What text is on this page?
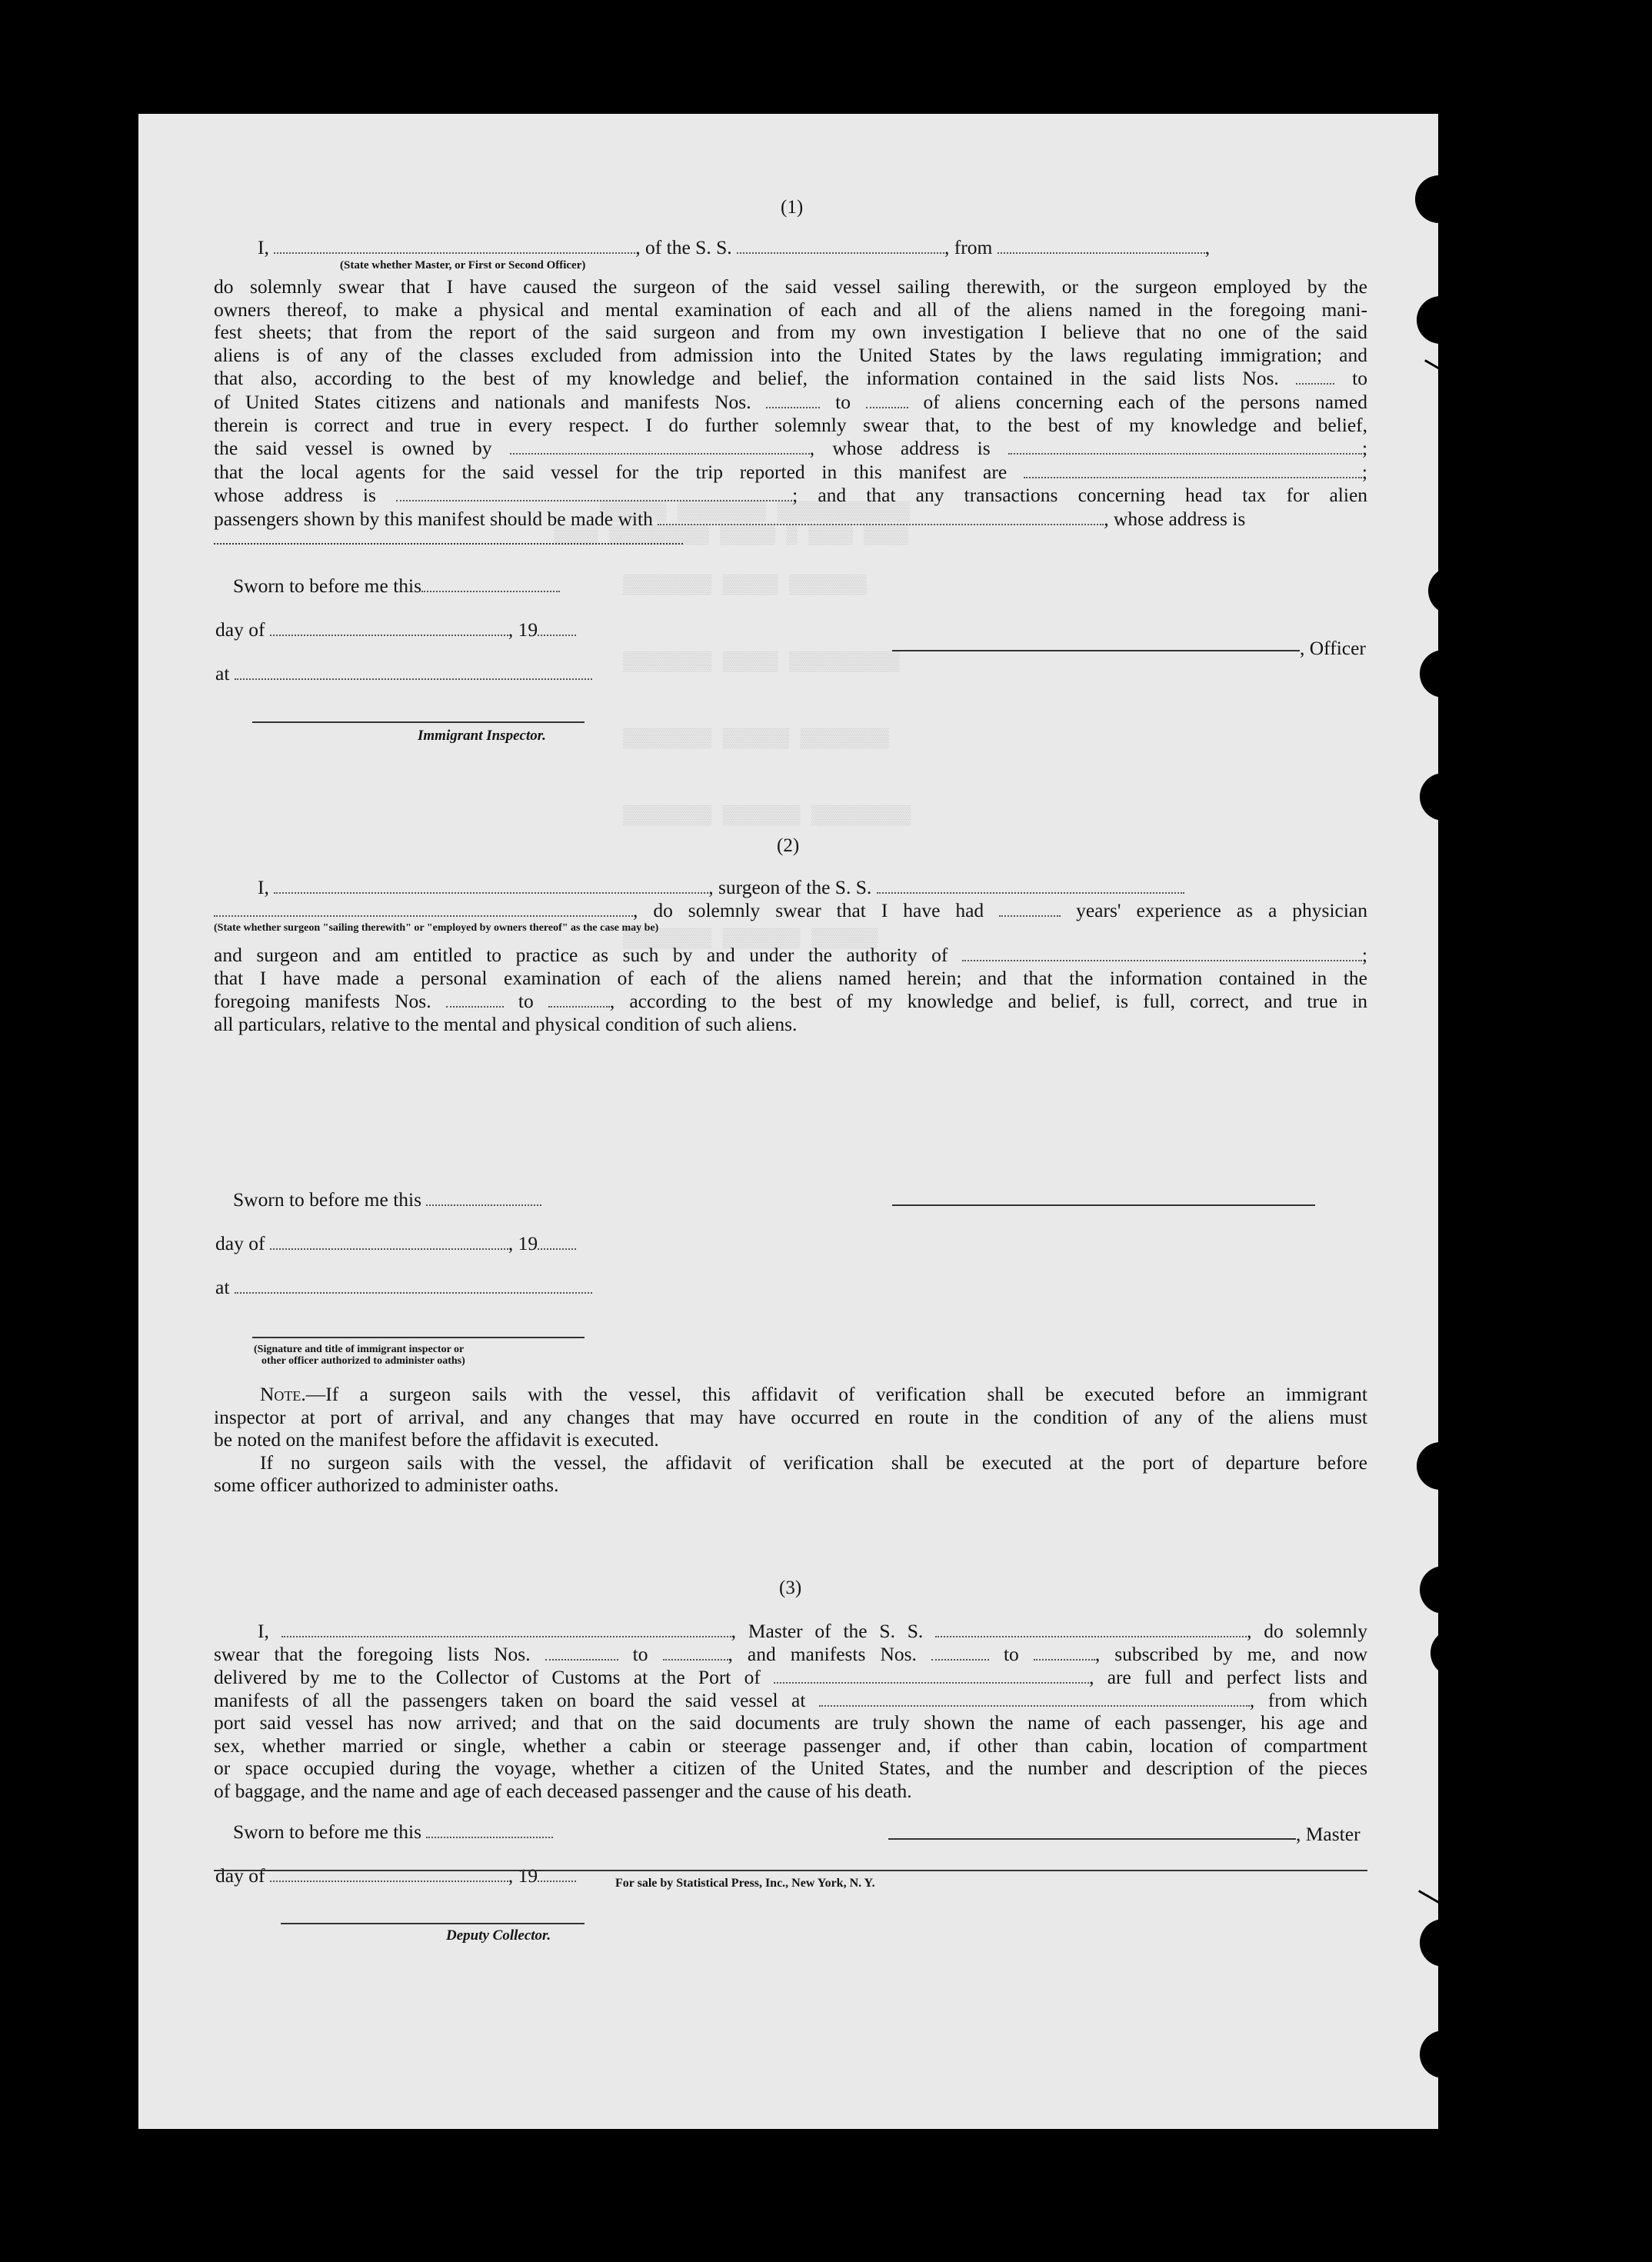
▒▒▒▒▒▒ ▒▒▒▒▒▒▒▒ ▒▒▒▒▒▒▒▒▒▒▒▒
▒▒▒▒ ▒▒▒▒▒▒▒▒▒ ▒▒▒▒▒ ▒ ▒▒▒▒ ▒▒▒▒
▒▒▒▒▒▒▒▒ ▒▒▒▒▒ ▒▒▒▒▒▒▒
▒▒▒▒▒▒▒▒ ▒▒▒▒▒ ▒▒▒▒▒▒▒▒▒▒
▒▒▒▒▒▒▒▒ ▒▒▒▒▒▒ ▒▒▒▒▒▒▒▒
▒▒▒▒▒▒▒▒ ▒▒▒▒▒▒▒ ▒▒▒▒▒▒▒▒▒
▒▒▒▒▒▒▒▒ ▒▒▒▒▒▒▒ ▒▒▒▒▒▒
(1)
I,	, of the S. S.	, from	,
(State whether Master, or First or Second Officer)
do solemnly swear that I have caused the surgeon of the said vessel sailing therewith, or the surgeon employed by the
owners thereof, to make a physical and mental examination of each and all of the aliens named in the foregoing mani-
fest sheets; that from the report of the said surgeon and from my own investigation I believe that no one of the said
aliens is of any of the classes excluded from admission into the United States by the laws regulating immigration; and
that also, according to the best of my knowledge and belief, the information contained in the said lists Nos.	to
of United States citizens and nationals and manifests Nos.	to	of aliens concerning each of the persons named
therein is correct and true in every respect. I do further solemnly swear that, to the best of my knowledge and belief,
the said vessel is owned by	, whose address is	;
that the local agents for the said vessel for the trip reported in this manifest are	;
whose address is	; and that any transactions concerning head tax for alien
passengers shown by this manifest should be made with	, whose address is
Sworn to before me this
day of	, 19
at
, Officer
Immigrant Inspector.
(2)
I,	, surgeon of the S. S.
, do solemnly swear that I have had	years' experience as a physician
(State whether surgeon "sailing therewith" or "employed by owners thereof" as the case may be)
and surgeon and am entitled to practice as such by and under the authority of	;
that I have made a personal examination of each of the aliens named herein; and that the information contained in the
foregoing manifests Nos.	to	, according to the best of my knowledge and belief, is full, correct, and true in
all particulars, relative to the mental and physical condition of such aliens.
Sworn to before me this
day of	, 19
at
(Signature and title of immigrant inspector or
other officer authorized to administer oaths)
Note.—If a surgeon sails with the vessel, this affidavit of verification shall be executed before an immigrant
inspector at port of arrival, and any changes that may have occurred en route in the condition of any of the aliens must
be noted on the manifest before the affidavit is executed.
If no surgeon sails with the vessel, the affidavit of verification shall be executed at the port of departure before
some officer authorized to administer oaths.
(3)
I,	, Master of the S. S.	, do solemnly
swear that the foregoing lists Nos.	to	, and manifests Nos.	to	, subscribed by me, and now
delivered by me to the Collector of Customs at the Port of	, are full and perfect lists and
manifests of all the passengers taken on board the said vessel at	, from which
port said vessel has now arrived; and that on the said documents are truly shown the name of each passenger, his age and
sex, whether married or single, whether a cabin or steerage passenger and, if other than cabin, location of compartment
or space occupied during the voyage, whether a citizen of the United States, and the number and description of the pieces
of baggage, and the name and age of each deceased passenger and the cause of his death.
Sworn to before me this	, Master
day of	, 19
Deputy Collector.
For sale by Statistical Press, Inc., New York, N. Y.
